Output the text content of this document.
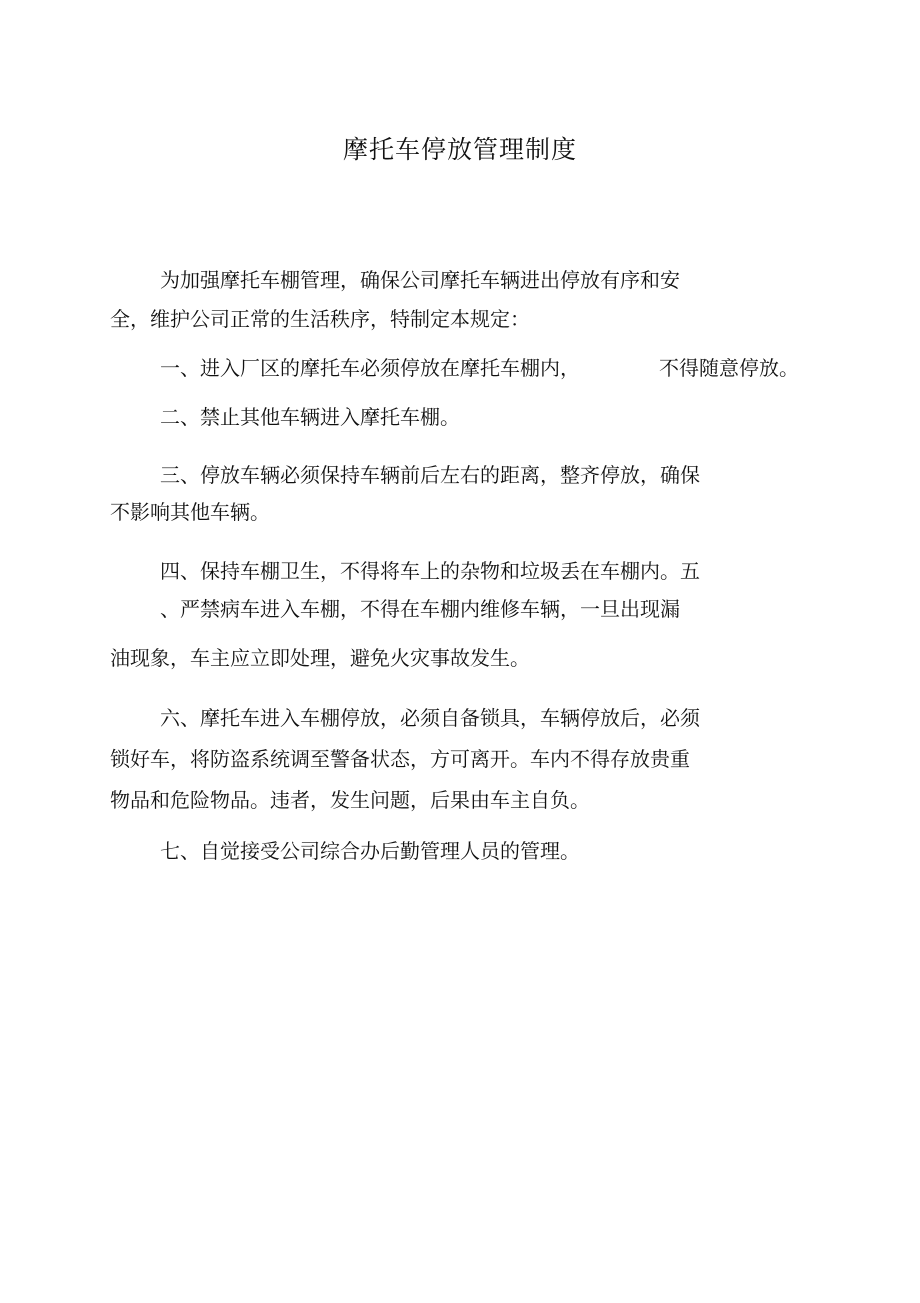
摩托车停放管理制度
为加强摩托车棚管理，确保公司摩托车辆进出停放有序和安
全，维护公司正常的生活秩序，特制定本规定：
一、进入厂区的摩托车必须停放在摩托车棚内，	不得随意停放。
二、禁止其他车辆进入摩托车棚。
三、停放车辆必须保持车辆前后左右的距离，整齐停放，确保
不影响其他车辆。
四、保持车棚卫生，不得将车上的杂物和垃圾丢在车棚内。五
、严禁病车进入车棚，不得在车棚内维修车辆，一旦出现漏
油现象，车主应立即处理，避免火灾事故发生。
六、摩托车进入车棚停放，必须自备锁具，车辆停放后，必须
锁好车，将防盗系统调至警备状态，方可离开。车内不得存放贵重
物品和危险物品。违者，发生问题，后果由车主自负。
七、自觉接受公司综合办后勤管理人员的管理。
